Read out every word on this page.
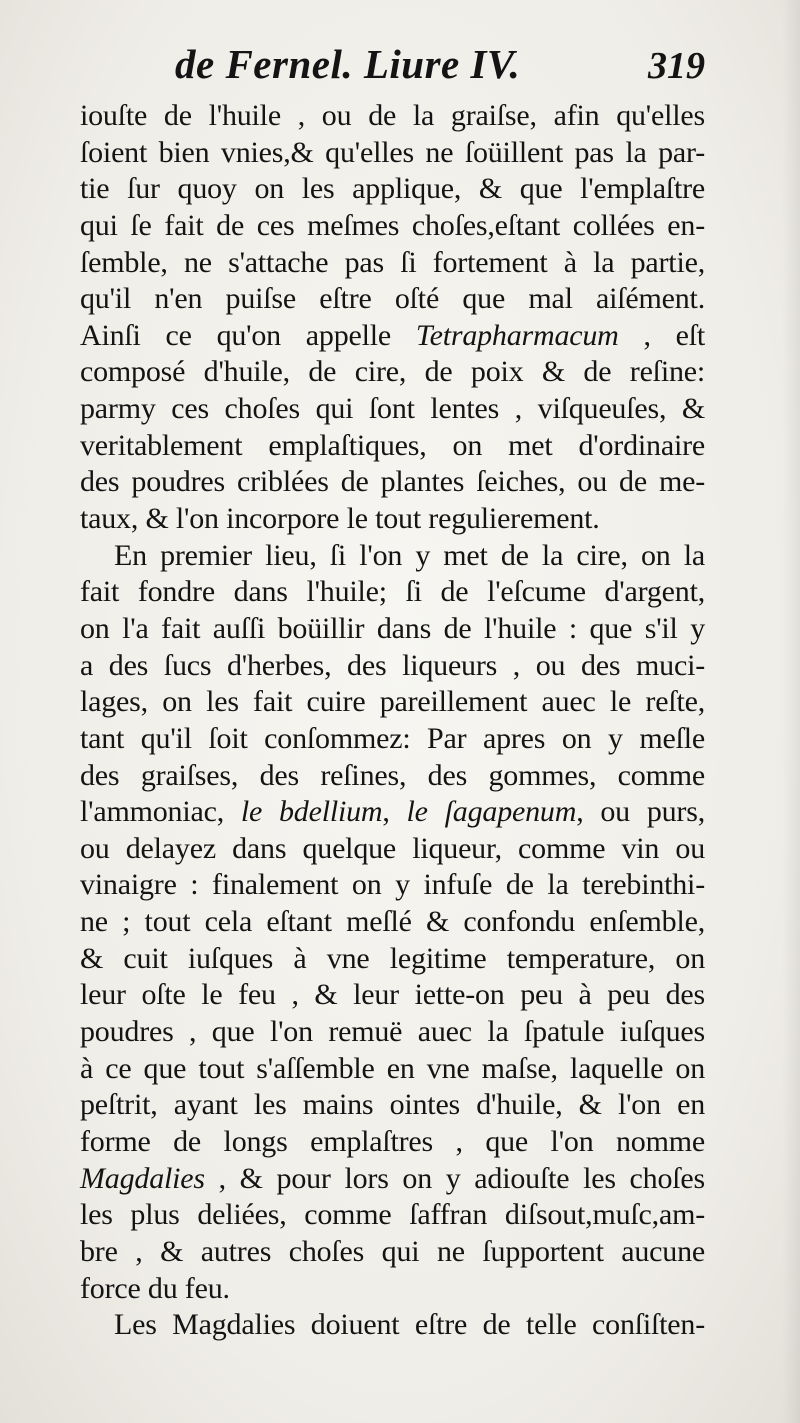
de Fernel. Liure IV.	319
iouſte de l'huile , ou de la graiſse, afin qu'elles
ſoient bien vnies,& qu'elles ne ſoüillent pas la par-
tie ſur quoy on les applique, & que l'emplaſtre
qui ſe fait de ces meſmes choſes,eſtant collées en-
ſemble, ne s'attache pas ſi fortement à la partie,
qu'il n'en puiſse eſtre oſté que mal aiſément.
Ainſi ce qu'on appelle Tetrapharmacum , eſt
composé d'huile, de cire, de poix & de reſine:
parmy ces choſes qui ſont lentes , viſqueuſes, &
veritablement emplaſtiques, on met d'ordinaire
des poudres criblées de plantes ſeiches, ou de me-
taux, & l'on incorpore le tout regulierement.
En premier lieu, ſi l'on y met de la cire, on la
fait fondre dans l'huile; ſi de l'eſcume d'argent,
on l'a fait auſſi boüillir dans de l'huile : que s'il y
a des ſucs d'herbes, des liqueurs , ou des muci-
lages, on les fait cuire pareillement auec le reſte,
tant qu'il ſoit conſommez: Par apres on y meſle
des graiſses, des reſines, des gommes, comme
l'ammoniac, le bdellium, le ſagapenum, ou purs,
ou delayez dans quelque liqueur, comme vin ou
vinaigre : finalement on y infuſe de la terebinthi-
ne ; tout cela eſtant meſlé & confondu enſemble,
& cuit iuſques à vne legitime temperature, on
leur oſte le feu , & leur iette-on peu à peu des
poudres , que l'on remuë auec la ſpatule iuſques
à ce que tout s'aſſemble en vne maſse, laquelle on
peſtrit, ayant les mains ointes d'huile, & l'on en
forme de longs emplaſtres , que l'on nomme
Magdalies , & pour lors on y adiouſte les choſes
les plus deliées, comme ſaffran diſsout,muſc,am-
bre , & autres choſes qui ne ſupportent aucune
force du feu.
Les Magdalies doiuent eſtre de telle conſiſten-
